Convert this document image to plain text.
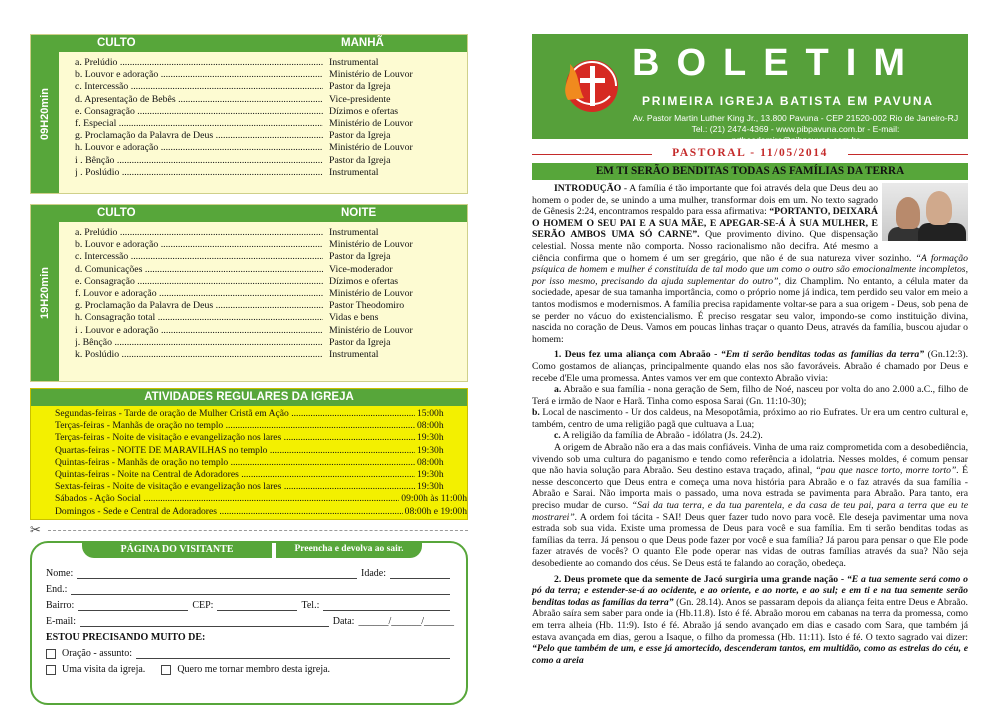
09H20min
CULTO	MANHÃ
a. Prelúdio .....	Instrumental
b. Louvor e adoração .....	Ministério de Louvor
c. Intercessão .....	Pastor da Igreja
d. Apresentação de Bebês .....	Vice-presidente
e. Consagração .....	Dízimos e ofertas
f. Especial .....	Ministério de Louvor
g. Proclamação da Palavra de Deus .....	Pastor da Igreja
h. Louvor e adoração .....	Ministério de Louvor
i . Bênção .....	Pastor da Igreja
j . Poslúdio .....	Instrumental
19H20min
CULTO	NOITE
a. Prelúdio .....	Instrumental
b. Louvor e adoração .....	Ministério de Louvor
c. Intercessão .....	Pastor da Igreja
d. Comunicações .....	Vice-moderador
e. Consagração .....	Dízimos e ofertas
f. Louvor e adoração .....	Ministério de Louvor
g. Proclamação da Palavra de Deus .....	Pastor Theodomiro
h. Consagração total .....	Vidas e bens
i . Louvor e adoração .....	Ministério de Louvor
j. Bênção .....	Pastor da Igreja
k. Poslúdio .....	Instrumental
ATIVIDADES REGULARES DA IGREJA
Segundas-feiras - Tarde de oração de Mulher Cristã em Ação .....	15:00h
Terças-feiras - Manhãs de oração no templo .....	08:00h
Terças-feiras - Noite de visitação e evangelização nos lares .....	19:30h
Quartas-feiras - NOITE DE MARAVILHAS no templo .....	19:30h
Quintas-feiras - Manhãs de oração no templo .....	08:00h
Quintas-feiras - Noite na Central de Adoradores .....	19:30h
Sextas-feiras - Noite de visitação e evangelização nos lares .....	19:30h
Sábados - Ação Social .....	09:00h às 11:00h
Domingos - Sede e Central de Adoradores .....	08:00h e 19:00h
✂
PÁGINA DO VISITANTE	Preencha e devolva ao sair.
Nome:	Idade:
End.:
Bairro:	CEP:	Tel.:
E-mail:	Data: ______/______/______
ESTOU PRECISANDO MUITO DE:
Oração - assunto:
Uma visita da igreja.	Quero me tornar membro desta igreja.
BOLETIM
PRIMEIRA IGREJA BATISTA EM PAVUNA
Av. Pastor Martin Luther King Jr., 13.800 Pavuna - CEP 21520-002 Rio de Janeiro-RJ
Tel.: (21) 2474-4369 - www.pibpavuna.com.br - E-mail: prtheodomiro@pibpavuna.com.br
PASTORAL - 11/05/2014
EM TI SERÃO BENDITAS TODAS AS FAMÍLIAS DA TERRA

INTRODUÇÃO - A família é tão importante que foi através dela que Deus deu ao homem o poder de, se unindo a uma mulher, transformar dois em um. No texto sagrado de Gênesis 2:24, encontramos respaldo para essa afirmativa: “PORTANTO, DEIXARÁ O HOMEM O SEU PAI E A SUA MÃE, E APEGAR-SE-Á À SUA MULHER, E SERÃO AMBOS UMA SÓ CARNE”. Que provimento divino. Que dispensação celestial. Nossa mente não comporta. Nosso racionalismo não decifra. Até mesmo a ciência confirma que o homem é um ser gregário, que não é de sua natureza viver sozinho. “A formação psíquica de homem e mulher é constituída de tal modo que um como o outro são emocionalmente incompletos, por isso mesmo, precisando da ajuda suplementar do outro”, diz Champlim. No entanto, a célula mater da sociedade, apesar de sua tamanha importância, como o próprio nome já indica, tem perdido seu valor em meio a tantos modismos e modernismos. A família precisa rapidamente voltar-se para a sua origem - Deus, sob pena de se perder no vácuo do existencialismo. É preciso resgatar seu valor, impondo-se como instituição divina, nascida no coração de Deus. Vamos em poucas linhas traçar o quanto Deus, através da família, buscou ajudar o homem:

1. Deus fez uma aliança com Abraão - “Em ti serão benditas todas as famílias da terra” (Gn.12:3). Como gostamos de alianças, principalmente quando elas nos são favoráveis. Abraão é chamado por Deus e recebe d'Ele uma promessa. Antes vamos ver em que contexto Abraão vivia:

a. Abraão e sua família - nona geração de Sem, filho de Noé, nasceu por volta do ano 2.000 a.C., filho de Terá e irmão de Naor e Harã. Tinha como esposa Sarai (Gn. 11:10-30);

b. Local de nascimento - Ur dos caldeus, na Mesopotâmia, próximo ao rio Eufrates. Ur era um centro cultural e, também, centro de uma religião pagã que cultuava a Lua;

c. A religião da família de Abraão - idólatra (Js. 24.2).

A origem de Abraão não era a das mais confiáveis. Vinha de uma raiz comprometida com a desobediência, vivendo sob uma cultura do paganismo e tendo como referência a idolatria. Nesses moldes, é comum pensar que não havia solução para Abraão. Seu destino estava traçado, afinal, “pau que nasce torto, morre torto”. É nesse desconcerto que Deus entra e começa uma nova história para Abraão e o faz através da sua família - Abraão e Sarai. Não importa mais o passado, uma nova estrada se pavimenta para Abraão. Para tanto, era preciso mudar de curso. “Sai da tua terra, e da tua parentela, e da casa de teu pai, para a terra que eu te mostrarei”. A ordem foi tácita - SAI! Deus quer fazer tudo novo para você. Ele deseja pavimentar uma nova estrada sob sua vida. Existe uma promessa de Deus para você e sua família. Em ti serão benditas todas as famílias da terra. Já pensou o que Deus pode fazer por você e sua família? Já parou para pensar o que Ele pode fazer através de vocês? O quanto Ele pode operar nas vidas de outras famílias através da sua? Não seja desobediente ao comando dos céus. Se Deus está te falando ao coração, obedeça.

2. Deus promete que da semente de Jacó surgiria uma grande nação - “E a tua semente será como o pó da terra; e estender-se-á ao ocidente, e ao oriente, e ao norte, e ao sul; e em ti e na tua semente serão benditas todas as famílias da terra” (Gn. 28.14). Anos se passaram depois da aliança feita entre Deus e Abraão. Abraão saíra sem saber para onde ia (Hb.11.8). Isto é fé. Abraão morou em cabanas na terra da promessa, como em terra alheia (Hb. 11:9). Isto é fé. Abraão já sendo avançado em dias e casado com Sara, que também já estava avançada em dias, gerou a Isaque, o filho da promessa (Hb. 11:11). Isto é fé. O texto sagrado vai dizer: “Pelo que também de um, e esse já amortecido, descenderam tantos, em multidão, como as estrelas do céu, e como a areia
